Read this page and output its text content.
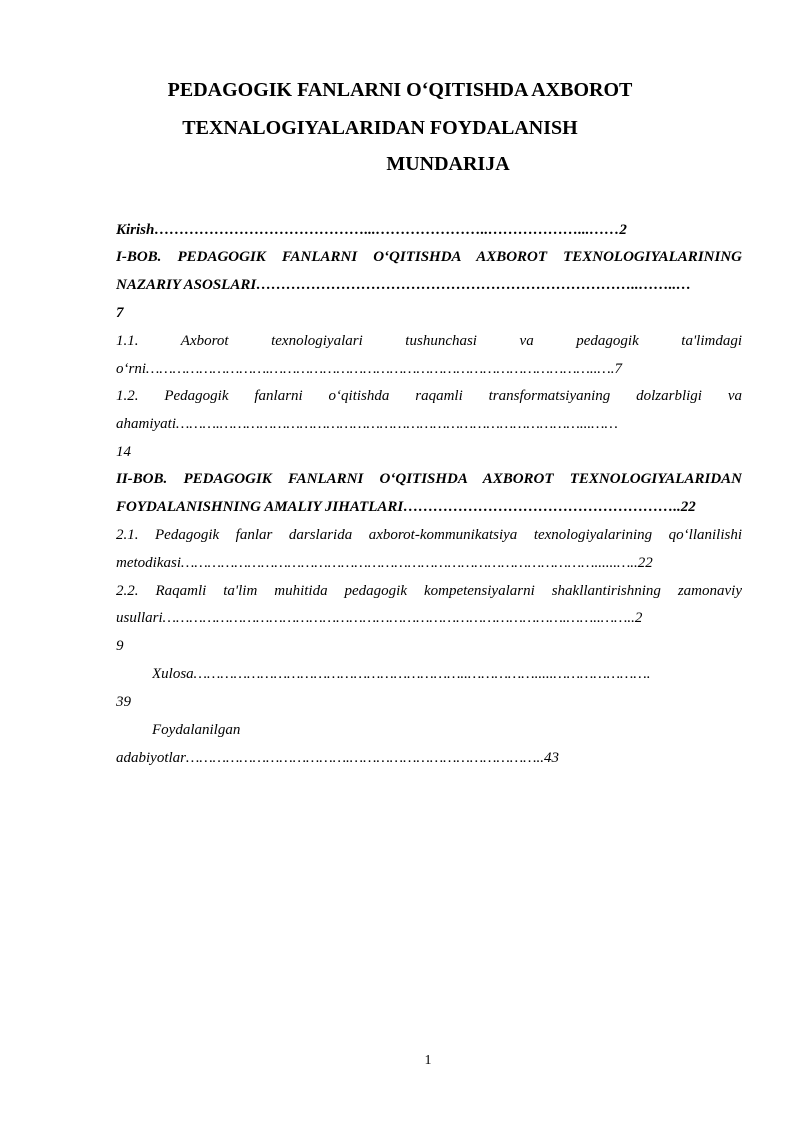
PEDAGOGIK FANLARNI O‘QITISHDA AXBOROT
TEXNALOGIYALARIDAN FOYDALANISH
MUNDARIJA
Kirish……………………………………...…………………..………………...……2
I-BOB. PEDAGOGIK FANLARNI O‘QITISHDA AXBOROT TEXNOLOGIYALARINING
NAZARIY ASOSLARI…………………………………………………………………..……..…
7
1.1. Axborot texnologiyalari tushunchasi va pedagogik ta'limdagi
o‘rni……………………….………………………………………………………………..….7
1.2. Pedagogik fanlarni o‘qitishda raqamli transformatsiyaning dolzarbligi va
ahamiyati……….………………………………………………………………………...……
14
II-BOB. PEDAGOGIK FANLARNI O‘QITISHDA AXBOROT TEXNOLOGIYALARIDAN
FOYDALANISHNING AMALIY JIHATLARI………………………………………………..22
2.1. Pedagogik fanlar darslarida axborot-kommunikatsiya texnologiyalarining qo‘llanilishi
metodikasi…………………………………………………………………………………......…..22
2.2. Raqamli ta'lim muhitida pedagogik kompetensiyalarni shakllantirishning zamonaviy
usullari……………………………………………………………………………….……..……..2
9
Xulosa……………………………………………………..…………….....………………….
39
Foydalanilgan
adabiyotlar……………………………….……………………………………..43
1
